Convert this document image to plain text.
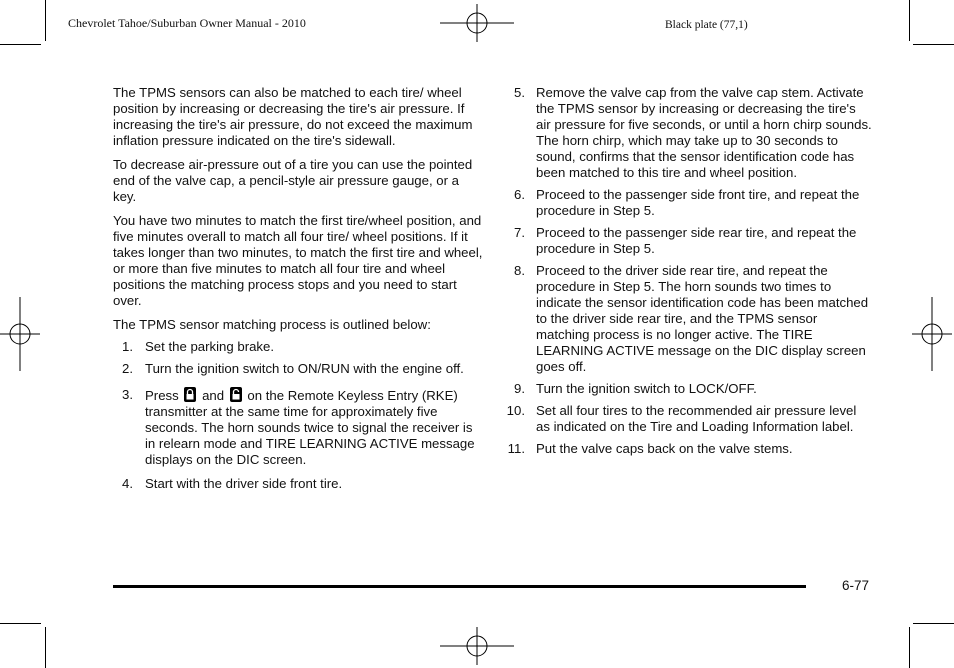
Chevrolet Tahoe/Suburban Owner Manual - 2010	Black plate (77,1)

The TPMS sensors can also be matched to each tire/ wheel position by increasing or decreasing the tire's air pressure. If increasing the tire's air pressure, do not exceed the maximum inflation pressure indicated on the tire's sidewall.

To decrease air-pressure out of a tire you can use the pointed end of the valve cap, a pencil-style air pressure gauge, or a key.

You have two minutes to match the first tire/wheel position, and five minutes overall to match all four tire/ wheel positions. If it takes longer than two minutes, to match the first tire and wheel, or more than five minutes to match all four tire and wheel positions the matching process stops and you need to start over.

The TPMS sensor matching process is outlined below:

1. Set the parking brake.
2. Turn the ignition switch to ON/RUN with the engine off.
3. Press and on the Remote Keyless Entry (RKE) transmitter at the same time for approximately five seconds. The horn sounds twice to signal the receiver is in relearn mode and TIRE LEARNING ACTIVE message displays on the DIC screen.
4. Start with the driver side front tire.
5. Remove the valve cap from the valve cap stem. Activate the TPMS sensor by increasing or decreasing the tire's air pressure for five seconds, or until a horn chirp sounds. The horn chirp, which may take up to 30 seconds to sound, confirms that the sensor identification code has been matched to this tire and wheel position.
6. Proceed to the passenger side front tire, and repeat the procedure in Step 5.
7. Proceed to the passenger side rear tire, and repeat the procedure in Step 5.
8. Proceed to the driver side rear tire, and repeat the procedure in Step 5. The horn sounds two times to indicate the sensor identification code has been matched to the driver side rear tire, and the TPMS sensor matching process is no longer active. The TIRE LEARNING ACTIVE message on the DIC display screen goes off.
9. Turn the ignition switch to LOCK/OFF.
10. Set all four tires to the recommended air pressure level as indicated on the Tire and Loading Information label.
11. Put the valve caps back on the valve stems.
6-77
